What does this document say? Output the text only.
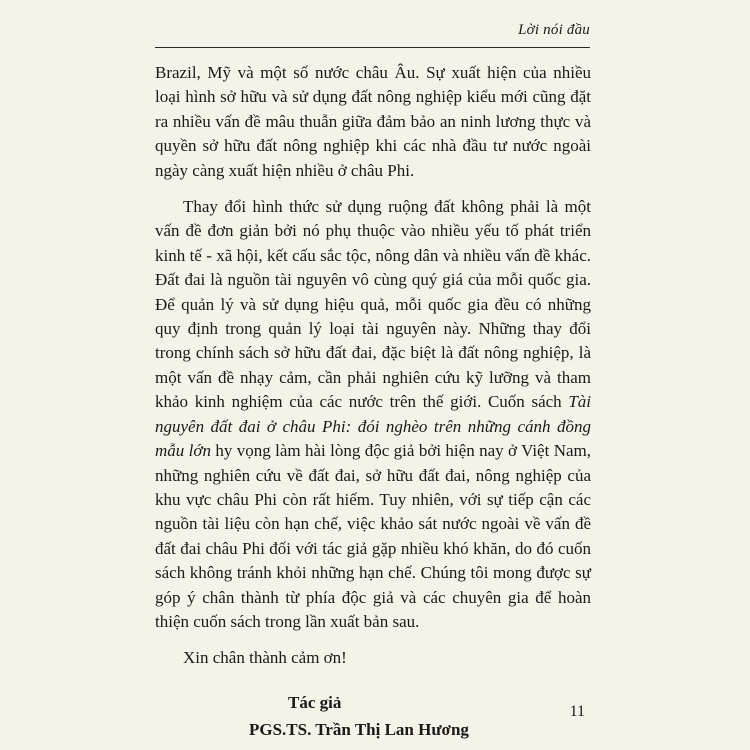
Lời nói đầu

Brazil, Mỹ và một số nước châu Âu. Sự xuất hiện của nhiều loại hình sở hữu và sử dụng đất nông nghiệp kiểu mới cũng đặt ra nhiều vấn đề mâu thuẫn giữa đảm bảo an ninh lương thực và quyền sở hữu đất nông nghiệp khi các nhà đầu tư nước ngoài ngày càng xuất hiện nhiều ở châu Phi.

Thay đổi hình thức sử dụng ruộng đất không phải là một vấn đề đơn giản bởi nó phụ thuộc vào nhiều yếu tố phát triển kinh tế - xã hội, kết cấu sắc tộc, nông dân và nhiều vấn đề khác. Đất đai là nguồn tài nguyên vô cùng quý giá của mỗi quốc gia. Để quản lý và sử dụng hiệu quả, mỗi quốc gia đều có những quy định trong quản lý loại tài nguyên này. Những thay đổi trong chính sách sở hữu đất đai, đặc biệt là đất nông nghiệp, là một vấn đề nhạy cảm, cần phải nghiên cứu kỹ lưỡng và tham khảo kinh nghiệm của các nước trên thế giới. Cuốn sách Tài nguyên đất đai ở châu Phi: đói nghèo trên những cánh đồng mẫu lớn hy vọng làm hài lòng độc giả bởi hiện nay ở Việt Nam, những nghiên cứu về đất đai, sở hữu đất đai, nông nghiệp của khu vực châu Phi còn rất hiếm. Tuy nhiên, với sự tiếp cận các nguồn tài liệu còn hạn chế, việc khảo sát nước ngoài về vấn đề đất đai châu Phi đối với tác giả gặp nhiều khó khăn, do đó cuốn sách không tránh khỏi những hạn chế. Chúng tôi mong được sự góp ý chân thành từ phía độc giả và các chuyên gia để hoàn thiện cuốn sách trong lần xuất bản sau.

Xin chân thành cảm ơn!

Tác giả
PGS.TS. Trần Thị Lan Hương
11
